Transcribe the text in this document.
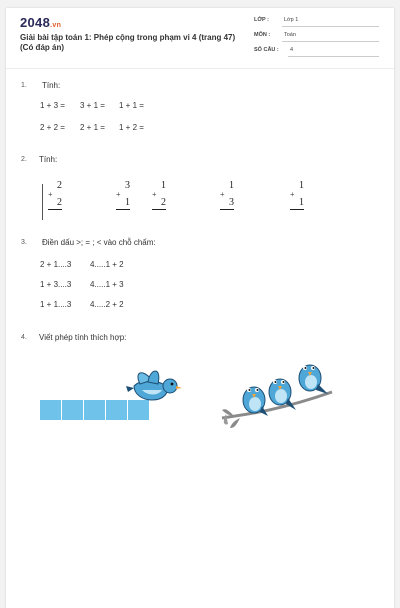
2048.vn
Giải bài tập toán 1: Phép cộng trong phạm vi 4 (trang 47) (Có đáp án)
LỚP :	Lớp 1
MÔN :	Toán
SỐ CÂU : 4
1. Tính:
1 + 3 = 3 + 1 = 1 + 1 =
2 + 2 = 2 + 1 = 1 + 2 =
2. Tính:
2
+
2
3
+
1
1
+
2
1
+
3
1
+
1
3. Điền dấu >; = ; < vào chỗ chấm:
2 + 1....3 4.....1 + 2
1 + 3....3 4.....1 + 3
1 + 1....3 4.....2 + 2
4. Viết phép tính thích hợp:
